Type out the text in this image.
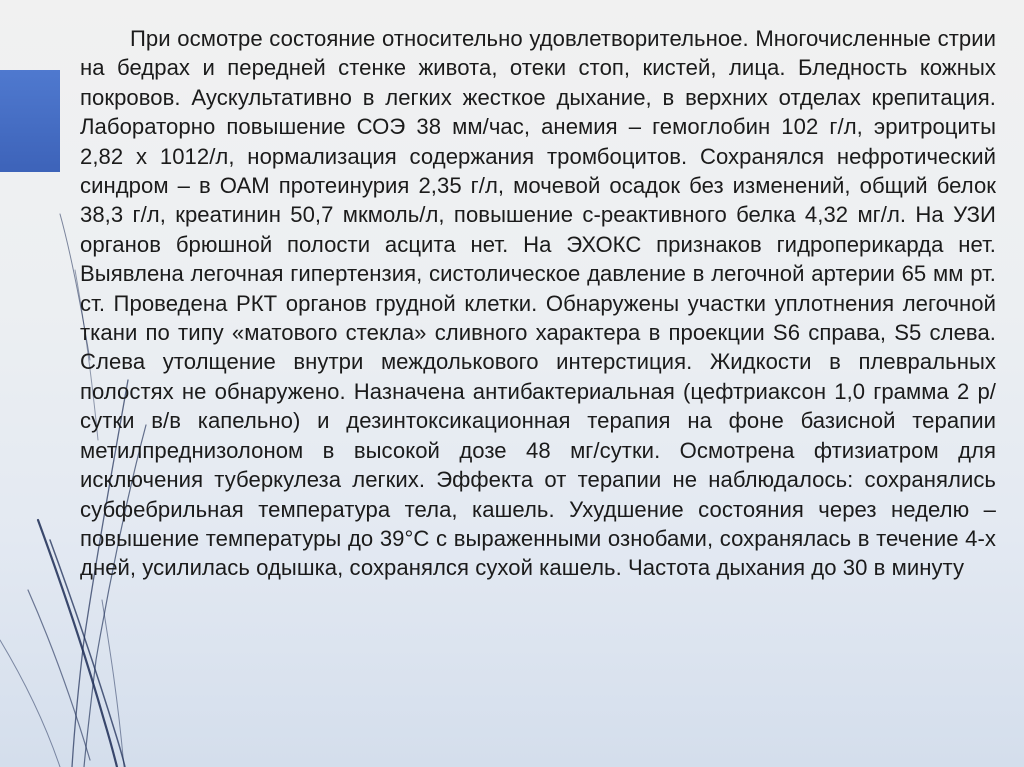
При осмотре состояние относительно удовлетворительное. Многочисленные стрии на бедрах и передней стенке живота, отеки стоп, кистей, лица. Бледность кожных покровов. Аускультативно в легких жесткое дыхание, в верхних отделах крепитация. Лабораторно повышение СОЭ 38 мм/час, анемия – гемоглобин 102 г/л, эритроциты 2,82 х 1012/л, нормализация содержания тромбоцитов. Сохранялся нефротический синдром – в ОАМ протеинурия 2,35 г/л, мочевой осадок без изменений, общий белок 38,3 г/л, креатинин 50,7 мкмоль/л, повышение с-реактивного белка 4,32 мг/л. На УЗИ органов брюшной полости асцита нет. На ЭХОКС признаков гидроперикарда нет. Выявлена легочная гипертензия, систолическое давление в легочной артерии 65 мм рт. ст. Проведена РКТ органов грудной клетки. Обнаружены участки уплотнения легочной ткани по типу «матового стекла» сливного характера в проекции S6 справа, S5 слева. Слева утолщение внутри междолькового интерстиция. Жидкости в плевральных полостях не обнаружено. Назначена антибактериальная (цефтриаксон 1,0 грамма 2 р/сутки в/в капельно) и дезинтоксикационная терапия на фоне базисной терапии метилпреднизолоном в высокой дозе 48 мг/сутки. Осмотрена фтизиатром для исключения туберкулеза легких. Эффекта от терапии не наблюдалось: сохранялись субфебрильная температура тела, кашель. Ухудшение состояния через неделю – повышение температуры до 39°C с выраженными ознобами, сохранялась в течение 4-х дней, усилилась одышка, сохранялся сухой кашель. Частота дыхания до 30 в минуту
